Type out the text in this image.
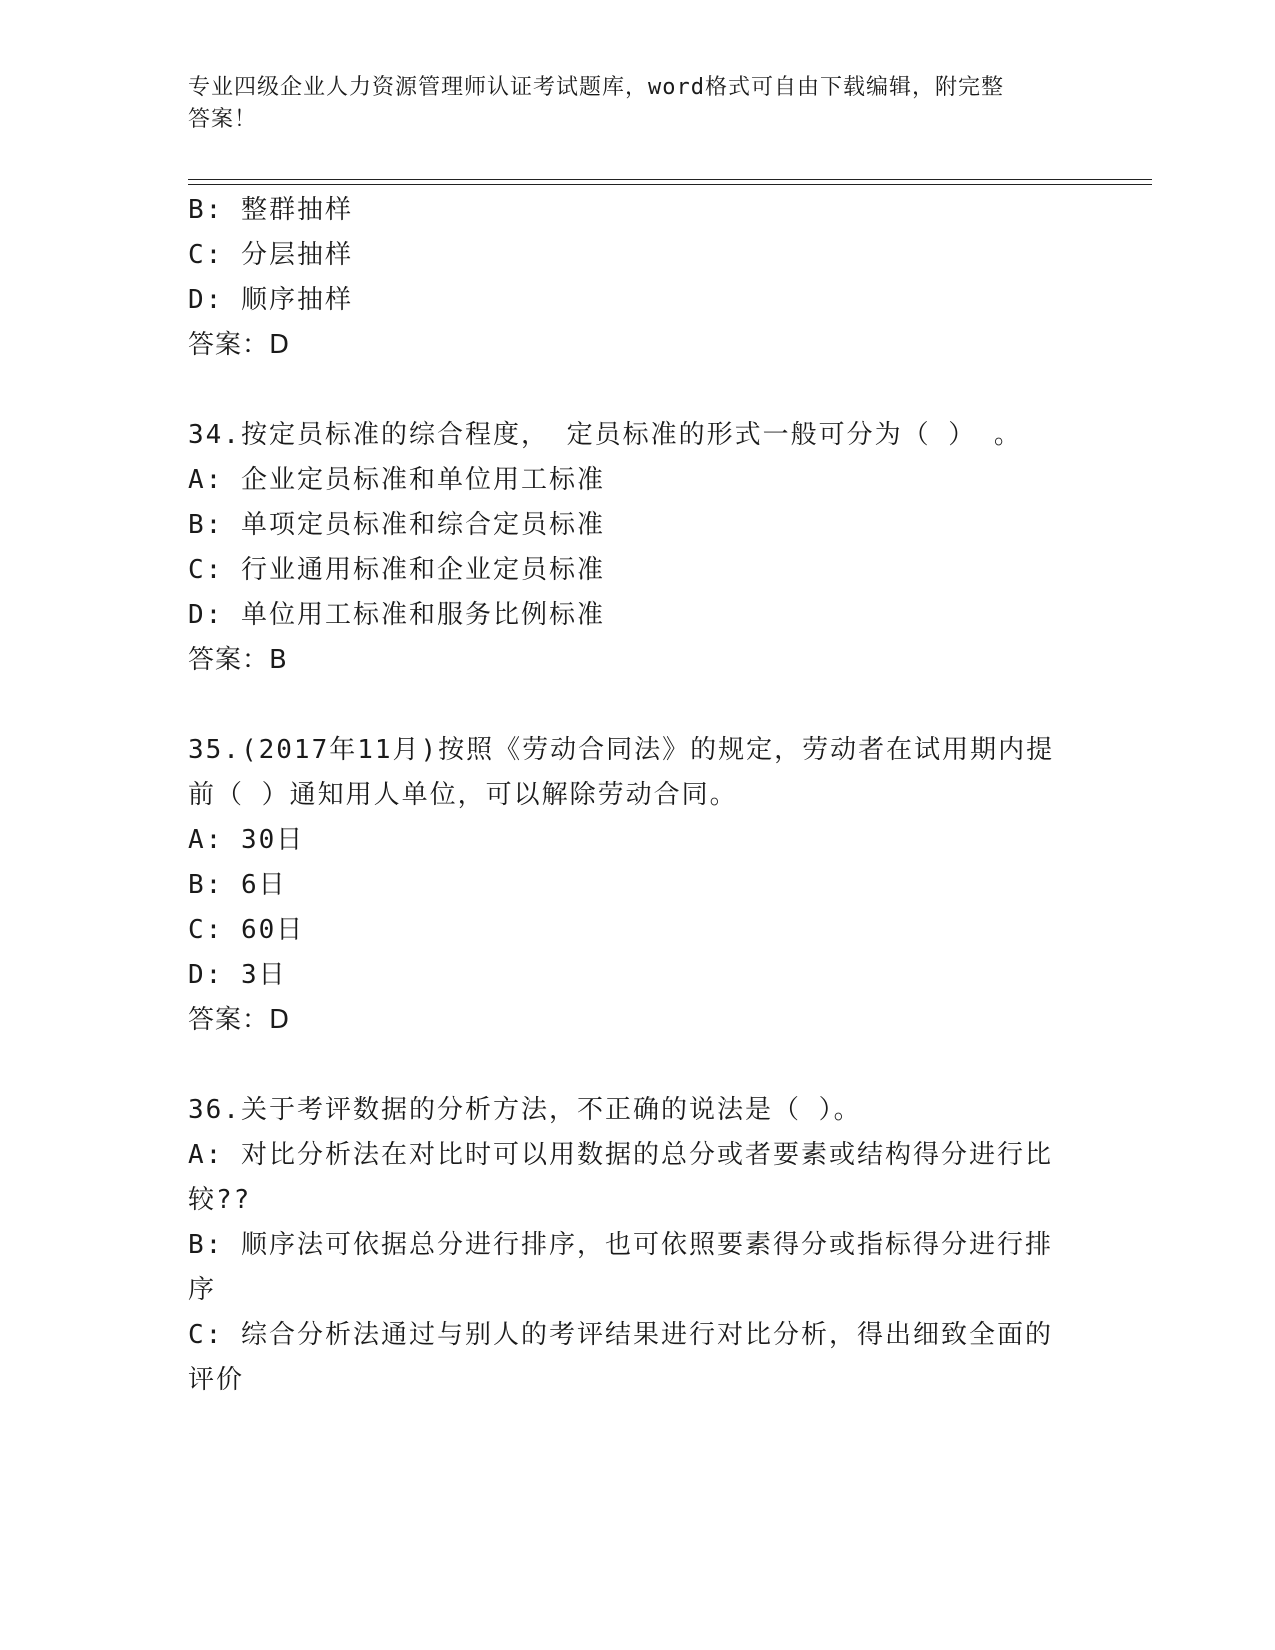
专业四级企业人力资源管理师认证考试题库，word格式可自由下载编辑，附完整
答案！
B: 整群抽样
C: 分层抽样
D: 顺序抽样
答案：D
34.按定员标准的综合程度， 定员标准的形式一般可分为（ ） 。
A: 企业定员标准和单位用工标准
B: 单项定员标准和综合定员标准
C: 行业通用标准和企业定员标准
D: 单位用工标准和服务比例标准
答案：B
35.(2017年11月)按照《劳动合同法》的规定，劳动者在试用期内提
前（ ）通知用人单位，可以解除劳动合同。
A: 30日
B: 6日
C: 60日
D: 3日
答案：D
36.关于考评数据的分析方法，不正确的说法是（ ）。
A: 对比分析法在对比时可以用数据的总分或者要素或结构得分进行比
较??
B: 顺序法可依据总分进行排序，也可依照要素得分或指标得分进行排
序
C: 综合分析法通过与别人的考评结果进行对比分析，得出细致全面的
评价
